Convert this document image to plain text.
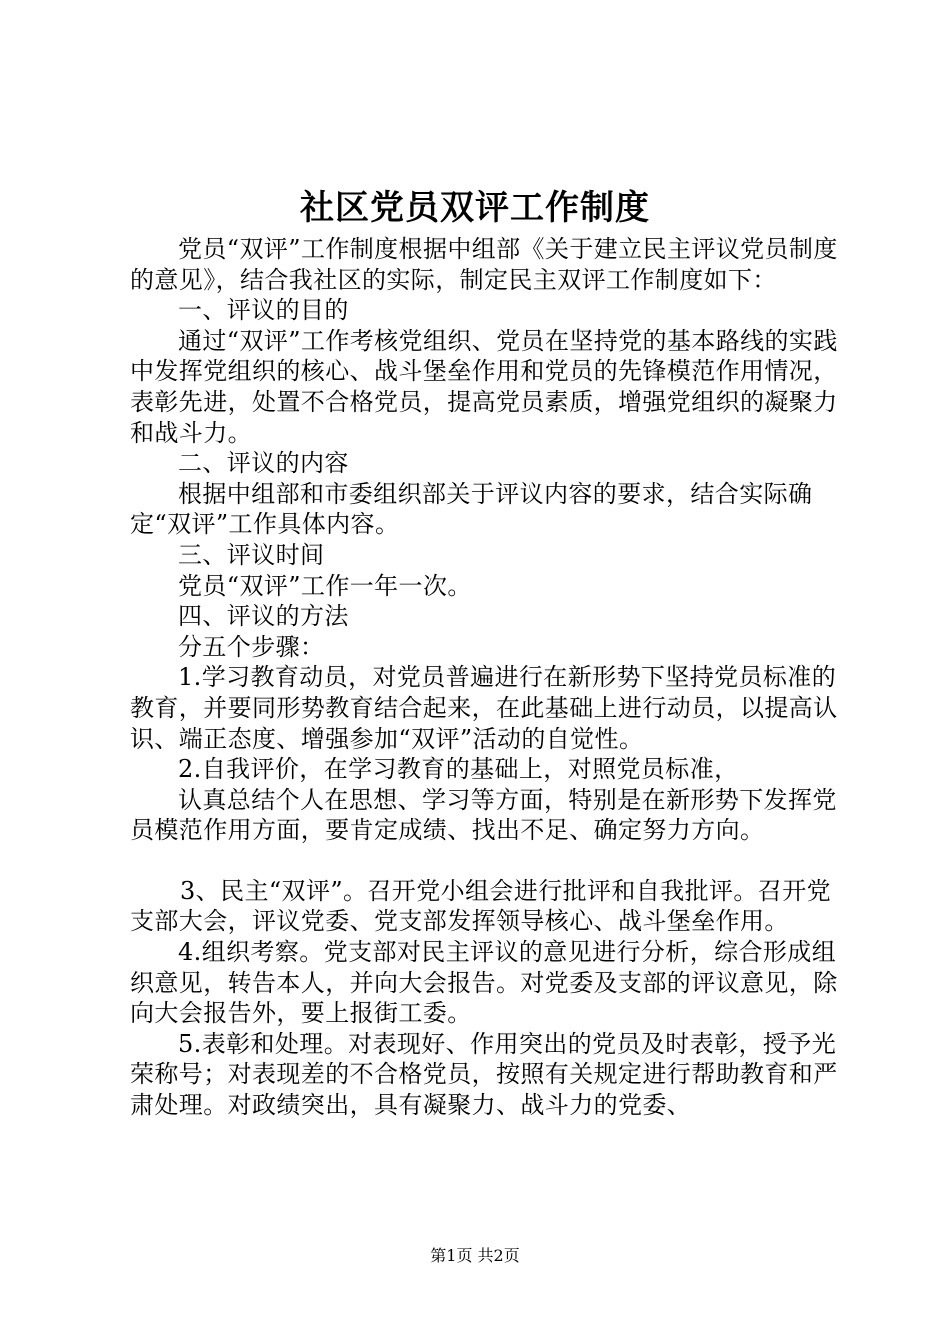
社区党员双评工作制度

党员“双评”工作制度根据中组部《关于建立民主评议党员制度的意见》，结合我社区的实际，制定民主双评工作制度如下：

一、评议的目的

通过“双评”工作考核党组织、党员在坚持党的基本路线的实践中发挥党组织的核心、战斗堡垒作用和党员的先锋模范作用情况，表彰先进，处置不合格党员，提高党员素质，增强党组织的凝聚力和战斗力。

二、评议的内容

根据中组部和市委组织部关于评议内容的要求，结合实际确定“双评”工作具体内容。

三、评议时间

党员“双评”工作一年一次。

四、评议的方法

分五个步骤：

1.学习教育动员，对党员普遍进行在新形势下坚持党员标准的教育，并要同形势教育结合起来，在此基础上进行动员，以提高认识、端正态度、增强参加“双评”活动的自觉性。

2.自我评价，在学习教育的基础上，对照党员标准，

认真总结个人在思想、学习等方面，特别是在新形势下发挥党员模范作用方面，要肯定成绩、找出不足、确定努力方向。

3、民主“双评”。召开党小组会进行批评和自我批评。召开党支部大会，评议党委、党支部发挥领导核心、战斗堡垒作用。

4.组织考察。党支部对民主评议的意见进行分析，综合形成组织意见，转告本人，并向大会报告。对党委及支部的评议意见，除向大会报告外，要上报街工委。

5.表彰和处理。对表现好、作用突出的党员及时表彰，授予光荣称号；对表现差的不合格党员，按照有关规定进行帮助教育和严肃处理。对政绩突出，具有凝聚力、战斗力的党委、

第1页 共2页
